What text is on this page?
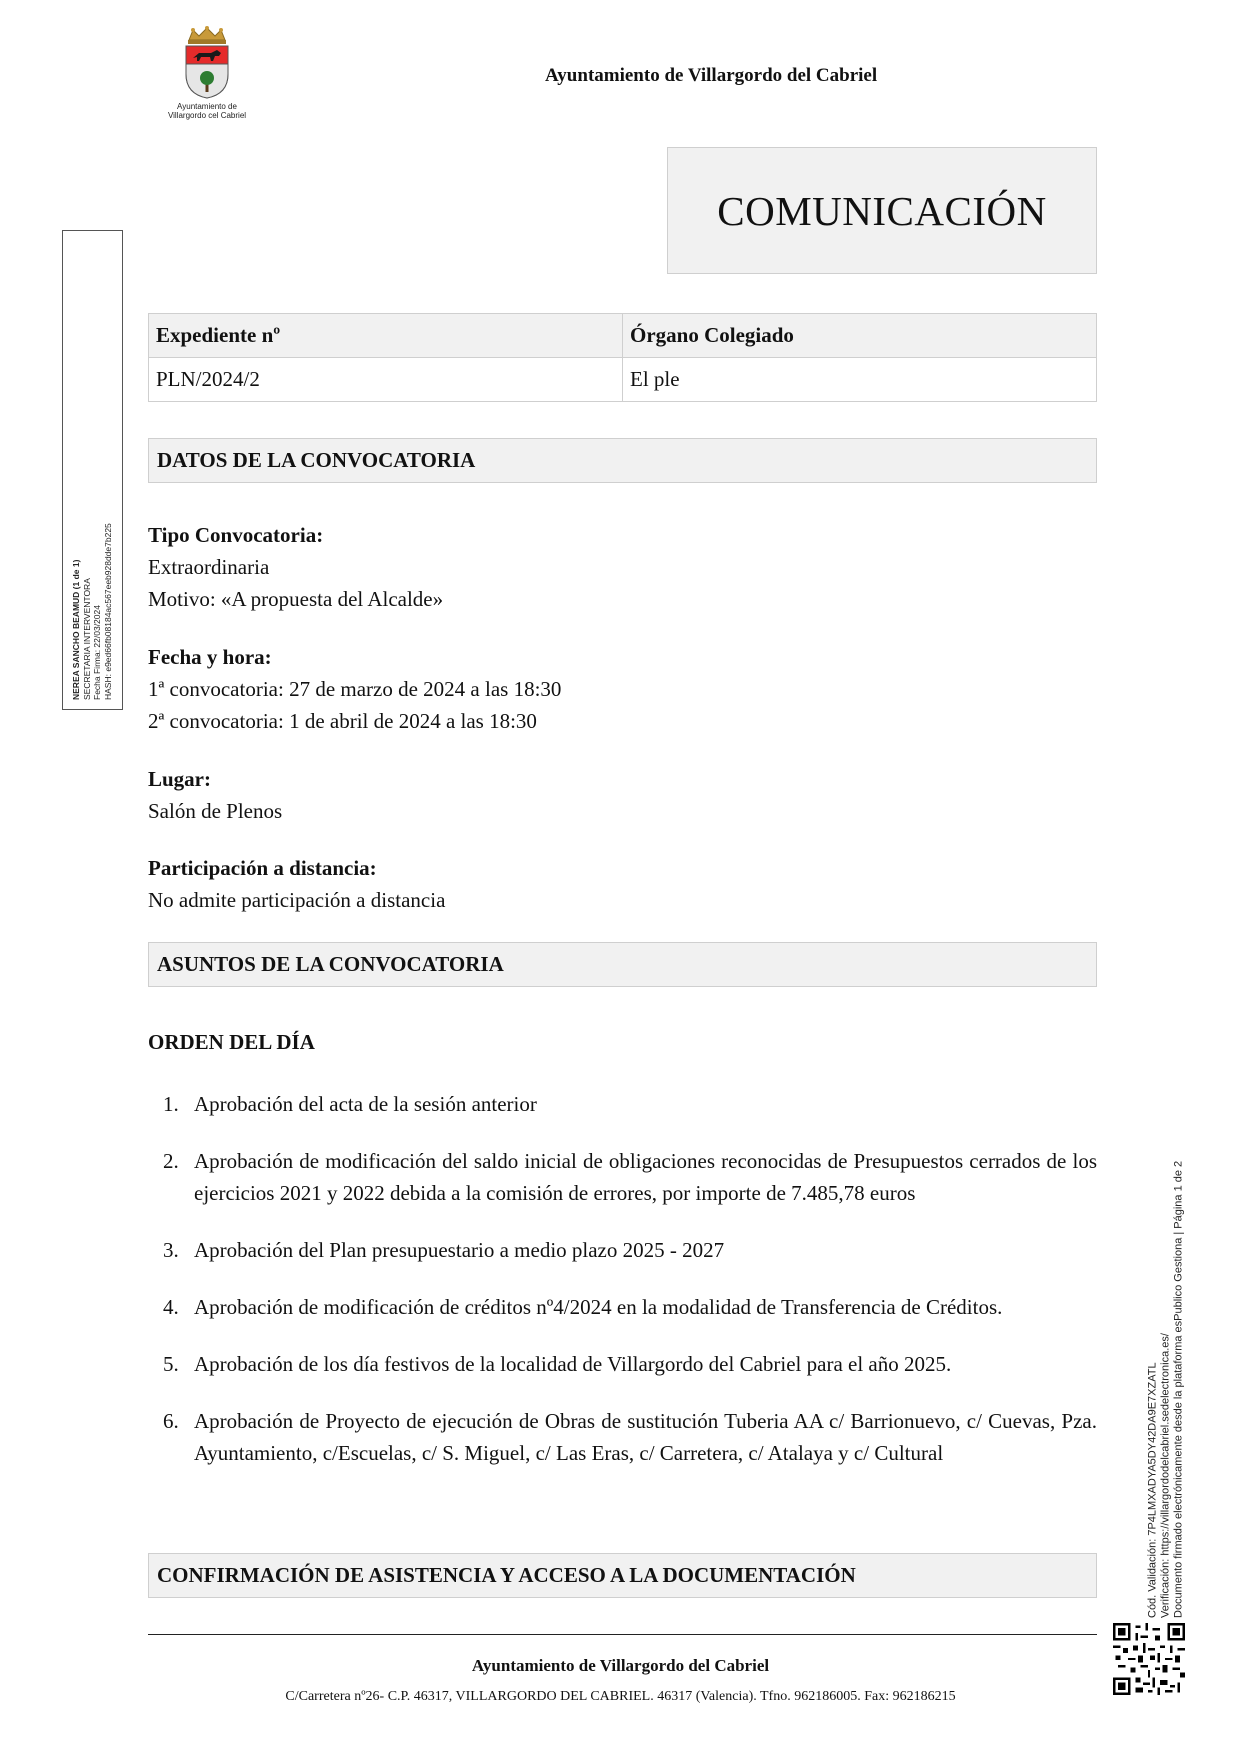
Ayuntamiento de
Villargordo cel Cabriel
Ayuntamiento de Villargordo del Cabriel
COMUNICACIÓN
Expediente nº	Órgano Colegiado
PLN/2024/2	El ple
DATOS DE LA CONVOCATORIA
Tipo Convocatoria:
Extraordinaria
Motivo: «A propuesta del Alcalde»
Fecha y hora:
1ª convocatoria: 27 de marzo de 2024 a las 18:30
2ª convocatoria: 1 de abril de 2024 a las 18:30
Lugar:
Salón de Plenos
Participación a distancia:
No admite participación a distancia
ASUNTOS DE LA CONVOCATORIA
ORDEN DEL DÍA
1. Aprobación del acta de la sesión anterior
2. Aprobación de modificación del saldo inicial de obligaciones reconocidas de Presupuestos cerrados de los ejercicios 2021 y 2022 debida a la comisión de errores, por importe de 7.485,78 euros
3. Aprobación del Plan presupuestario a medio plazo 2025 - 2027
4. Aprobación de modificación de créditos nº4/2024 en la modalidad de Transferencia de Créditos.
5. Aprobación de los día festivos de la localidad de Villargordo del Cabriel para el año 2025.
6. Aprobación de Proyecto de ejecución de Obras de sustitución Tuberia AA c/ Barrionuevo, c/ Cuevas, Pza. Ayuntamiento, c/Escuelas, c/ S. Miguel, c/ Las Eras, c/ Carretera, c/ Atalaya y c/ Cultural
CONFIRMACIÓN DE ASISTENCIA Y ACCESO A LA DOCUMENTACIÓN
Ayuntamiento de Villargordo del Cabriel
C/Carretera nº26- C.P. 46317, VILLARGORDO DEL CABRIEL. 46317 (Valencia). Tfno. 962186005. Fax: 962186215
NEREA SANCHO BEAMUD (1 de 1) SECRETARIA INTERVENTORA Fecha Firma: 22/03/2024 HASH: e9ed66fb08184ac567eeb928dde7b225
Cód. Validación: 7P4LMXADYA5DY42DA9E7XZATL Verificación: https://villargordodelcabriel.sedelectronica.es/ Documento firmado electrónicamente desde la plataforma esPublico Gestiona | Página 1 de 2
